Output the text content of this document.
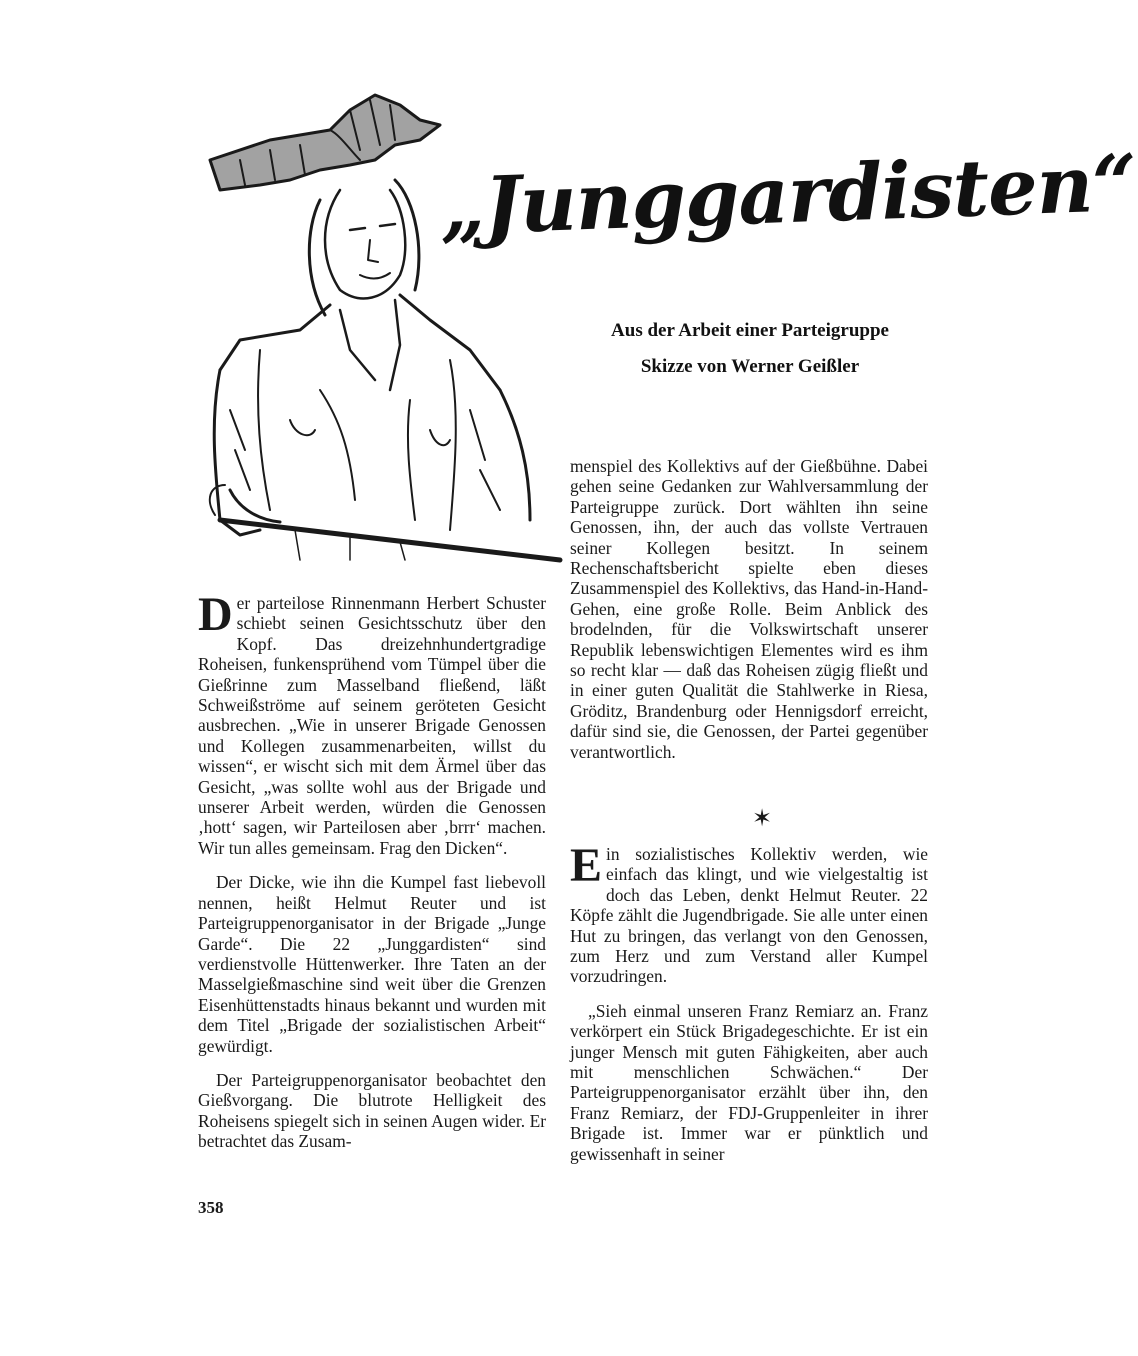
„Junggardisten“
Aus der Arbeit einer Parteigruppe
Skizze von Werner Geißler

Der parteilose Rinnenmann Herbert Schuster schiebt seinen Gesichtsschutz über den Kopf. Das dreizehnhundertgradige Roheisen, funkensprühend vom Tümpel über die Gießrinne zum Masselband fließend, läßt Schweißströme auf seinem geröteten Gesicht ausbrechen. „Wie in unserer Brigade Genossen und Kollegen zusammenarbeiten, willst du wissen“, er wischt sich mit dem Ärmel über das Gesicht, „was sollte wohl aus der Brigade und unserer Arbeit werden, würden die Genossen ‚hott‘ sagen, wir Parteilosen aber ‚brrr‘ machen. Wir tun alles gemeinsam. Frag den Dicken“.

Der Dicke, wie ihn die Kumpel fast liebevoll nennen, heißt Helmut Reuter und ist Parteigruppenorganisator in der Brigade „Junge Garde“. Die 22 „Junggardisten“ sind verdienstvolle Hüttenwerker. Ihre Taten an der Masselgießmaschine sind weit über die Grenzen Eisenhüttenstadts hinaus bekannt und wurden mit dem Titel „Brigade der sozialistischen Arbeit“ gewürdigt.

Der Parteigruppenorganisator beobachtet den Gießvorgang. Die blutrote Helligkeit des Roheisens spiegelt sich in seinen Augen wider. Er betrachtet das Zusam-

menspiel des Kollektivs auf der Gießbühne. Dabei gehen seine Gedanken zur Wahlversammlung der Parteigruppe zurück. Dort wählten ihn seine Genossen, ihn, der auch das vollste Vertrauen seiner Kollegen besitzt. In seinem Rechenschaftsbericht spielte eben dieses Zusammenspiel des Kollektivs, das Hand-in-Hand-Gehen, eine große Rolle. Beim Anblick des brodelnden, für die Volkswirtschaft unserer Republik lebenswichtigen Elementes wird es ihm so recht klar — daß das Roheisen zügig fließt und in einer guten Qualität die Stahlwerke in Riesa, Gröditz, Brandenburg oder Hennigsdorf erreicht, dafür sind sie, die Genossen, der Partei gegenüber verantwortlich.

✶

Ein sozialistisches Kollektiv werden, wie einfach das klingt, und wie vielgestaltig ist doch das Leben, denkt Helmut Reuter. 22 Köpfe zählt die Jugendbrigade. Sie alle unter einen Hut zu bringen, das verlangt von den Genossen, zum Herz und zum Verstand aller Kumpel vorzudringen.

„Sieh einmal unseren Franz Remiarz an. Franz verkörpert ein Stück Brigadegeschichte. Er ist ein junger Mensch mit guten Fähigkeiten, aber auch mit menschlichen Schwächen.“ Der Parteigruppenorganisator erzählt über ihn, den Franz Remiarz, der FDJ-Gruppenleiter in ihrer Brigade ist. Immer war er pünktlich und gewissenhaft in seiner

358
